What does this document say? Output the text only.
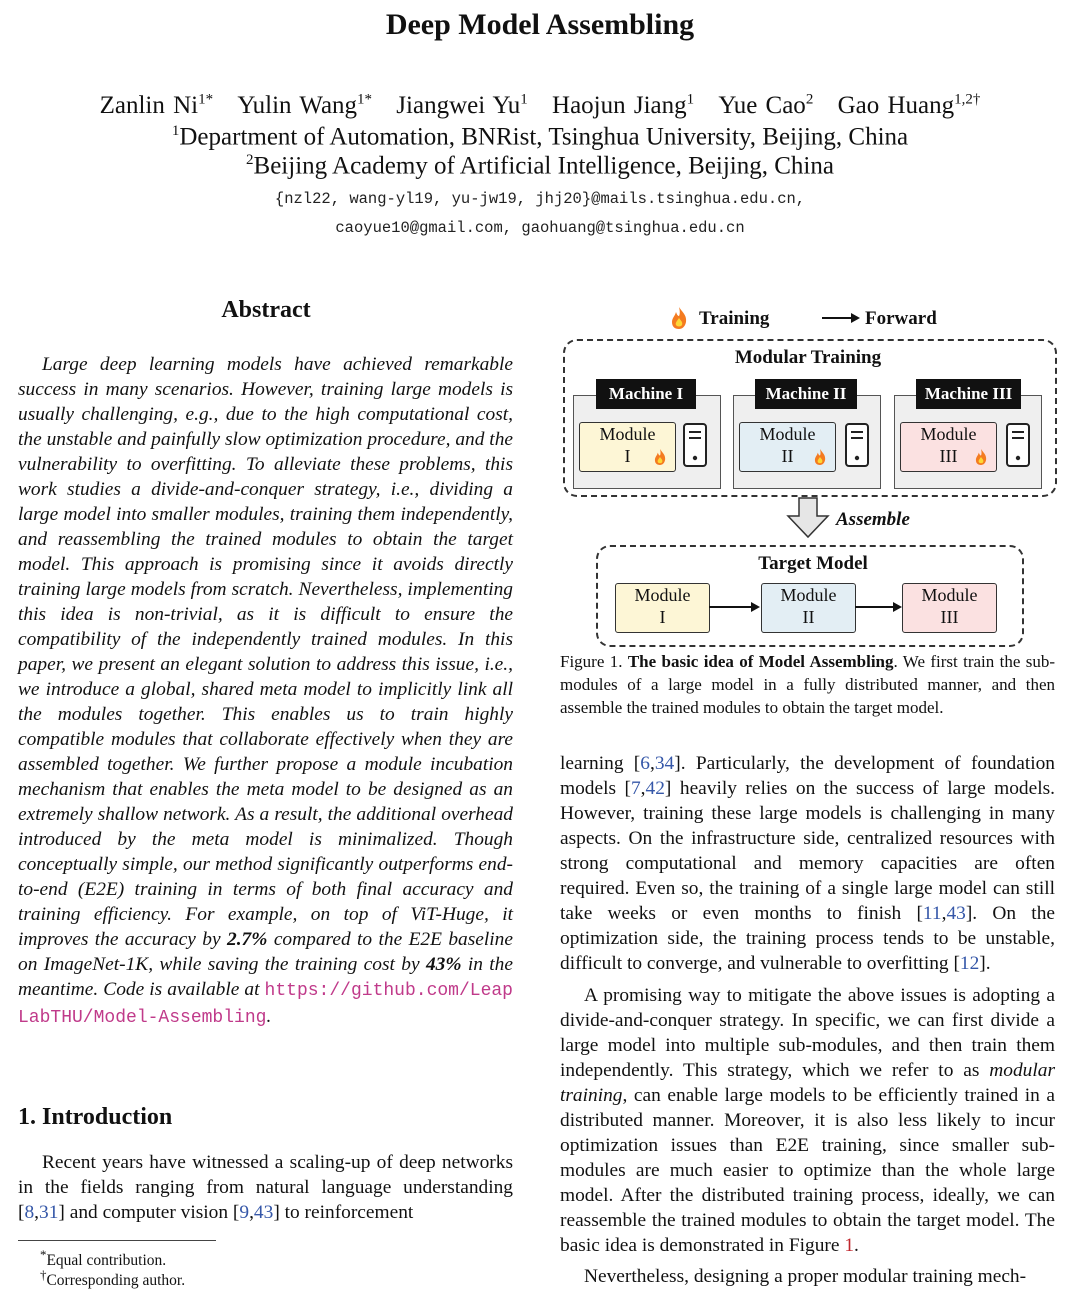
Deep Model Assembling
Zanlin $Ni^{1*}$ Yulin Wang$^{1*}$ Jiangwei Yu$^1$ Haojun Jiang$^1$ Yue Cao$^2$ Gao Huang$^{1,2\dagger}$
$^1$Department of Automation, BNRist, Tsinghua University, Beijing, China
$^2$Beijing Academy of Artificial Intelligence, Beijing, China
{nzl22, wang-yl19, yu-jw19, jhj20}@mails.tsinghua.edu.cn,
caoyue10@gmail.com, gaohuang@tsinghua.edu.cn
Abstract
Large deep learning models have achieved remarkable success in many scenarios. However, training large models is usually challenging, e.g., due to the high computational cost, the unstable and painfully slow optimization procedure, and the vulnerability to overfitting. To alleviate these problems, this work studies a divide-and-conquer strategy, i.e., dividing a large model into smaller modules, training them independently, and reassembling the trained modules to obtain the target model. This approach is promising since it avoids directly training large models from scratch. Nevertheless, implementing this idea is non-trivial, as it is difficult to ensure the compatibility of the independently trained modules. In this paper, we present an elegant solution to address this issue, i.e., we introduce a global, shared meta model to implicitly link all the modules together. This enables us to train highly compatible modules that collaborate effectively when they are assembled together. We further propose a module incubation mechanism that enables the meta model to be designed as an extremely shallow network. As a result, the additional overhead introduced by the meta model is minimalized. Though conceptually simple, our method significantly outperforms end-to-end (E2E) training in terms of both final accuracy and training efficiency. For example, on top of ViT-Huge, it improves the accuracy by 2.7% compared to the E2E baseline on ImageNet-1K, while saving the training cost by 43% in the meantime. Code is available at https://github.com/LeapLabTHU/Model-Assembling.
1. Introduction
Recent years have witnessed a scaling-up of deep networks in the fields ranging from natural language understanding [8,31] and computer vision [9,43] to reinforcement
*Equal contribution.
†Corresponding author.
Training	Forward
Modular Training
Machine I
Module
I
Machine II
Module
II
Machine III
Module
III
Assemble
Target Model
Module
I
Module
II
Module
III
Figure 1. The basic idea of Model Assembling. We first train the sub-modules of a large model in a fully distributed manner, and then assemble the trained modules to obtain the target model.
learning [6,34]. Particularly, the development of foundation models [7,42] heavily relies on the success of large models. However, training these large models is challenging in many aspects. On the infrastructure side, centralized resources with strong computational and memory capacities are often required. Even so, the training of a single large model can still take weeks or even months to finish [11,43]. On the optimization side, the training process tends to be unstable, difficult to converge, and vulnerable to overfitting [12].
A promising way to mitigate the above issues is adopting a divide-and-conquer strategy. In specific, we can first divide a large model into multiple sub-modules, and then train them independently. This strategy, which we refer to as modular training, can enable large models to be efficiently trained in a distributed manner. Moreover, it is also less likely to incur optimization issues than E2E training, since smaller sub-modules are much easier to optimize than the whole large model. After the distributed training process, ideally, we can reassemble the trained modules to obtain the target model. The basic idea is demonstrated in Figure 1.
Nevertheless, designing a proper modular training mech-
